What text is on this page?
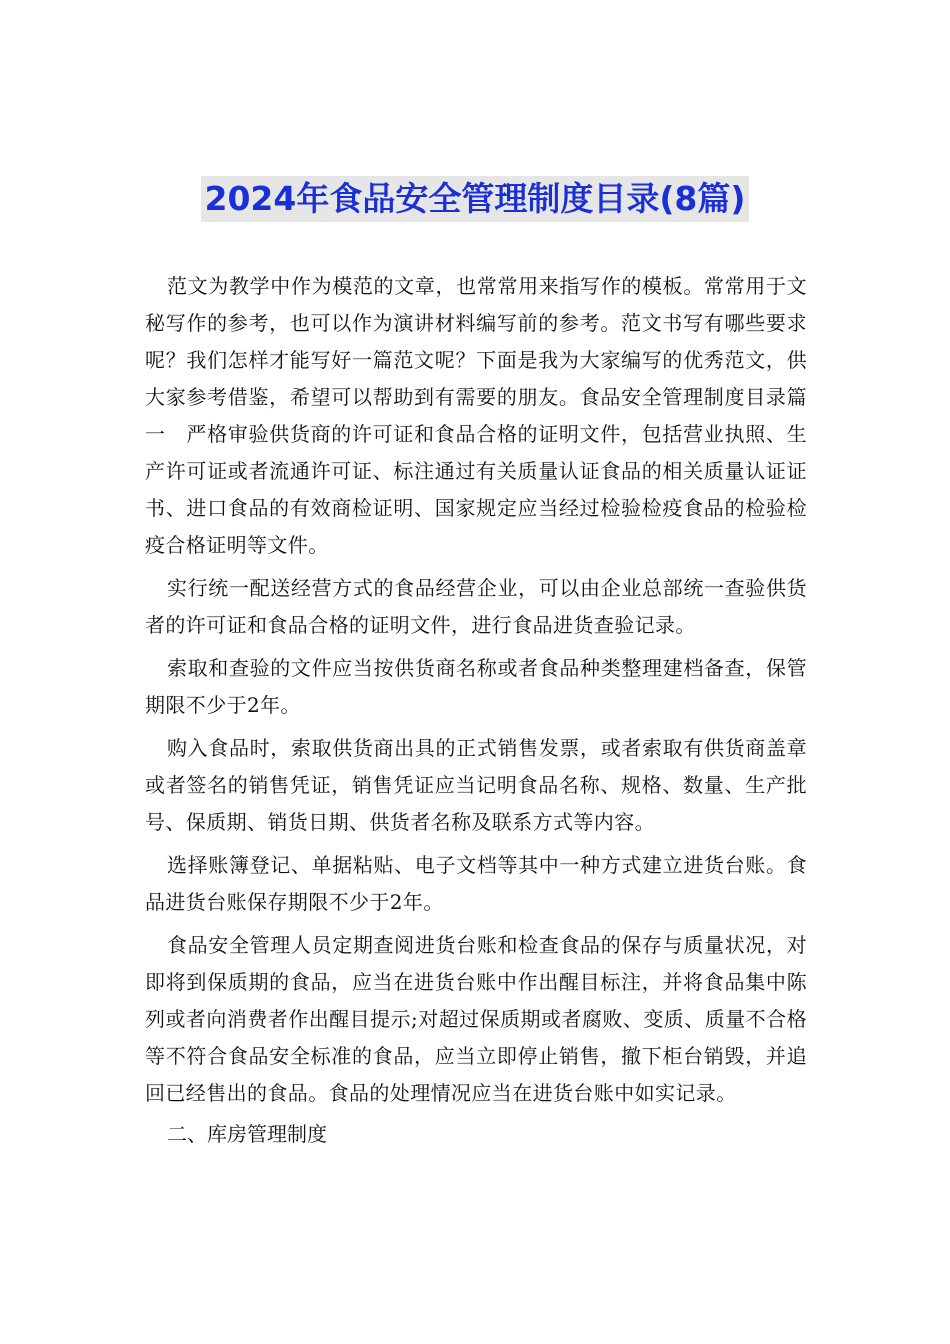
2024年食品安全管理制度目录(8篇)

范文为教学中作为模范的文章，也常常用来指写作的模板。常常用于文秘写作的参考，也可以作为演讲材料编写前的参考。范文书写有哪些要求呢？我们怎样才能写好一篇范文呢？下面是我为大家编写的优秀范文，供大家参考借鉴，希望可以帮助到有需要的朋友。食品安全管理制度目录篇一　严格审验供货商的许可证和食品合格的证明文件，包括营业执照、生产许可证或者流通许可证、标注通过有关质量认证食品的相关质量认证证书、进口食品的有效商检证明、国家规定应当经过检验检疫食品的检验检疫合格证明等文件。

实行统一配送经营方式的食品经营企业，可以由企业总部统一查验供货者的许可证和食品合格的证明文件，进行食品进货查验记录。

索取和查验的文件应当按供货商名称或者食品种类整理建档备查，保管期限不少于2年。

购入食品时，索取供货商出具的正式销售发票，或者索取有供货商盖章或者签名的销售凭证，销售凭证应当记明食品名称、规格、数量、生产批号、保质期、销货日期、供货者名称及联系方式等内容。

选择账簿登记、单据粘贴、电子文档等其中一种方式建立进货台账。食品进货台账保存期限不少于2年。

食品安全管理人员定期查阅进货台账和检查食品的保存与质量状况，对即将到保质期的食品，应当在进货台账中作出醒目标注，并将食品集中陈列或者向消费者作出醒目提示;对超过保质期或者腐败、变质、质量不合格等不符合食品安全标准的食品，应当立即停止销售，撤下柜台销毁，并追回已经售出的食品。食品的处理情况应当在进货台账中如实记录。

二、库房管理制度
